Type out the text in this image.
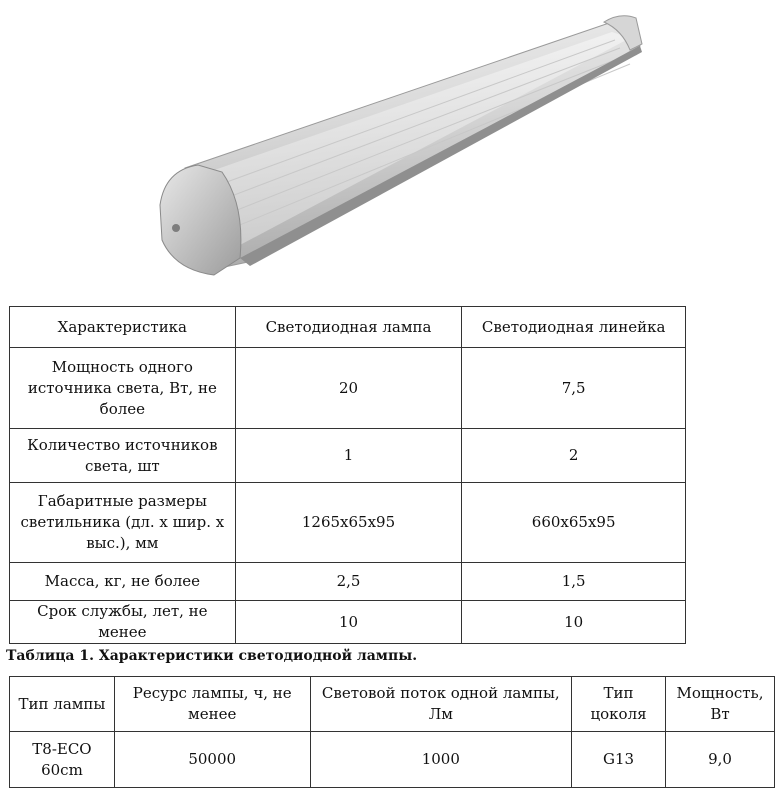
Характеристика	Светодиодная лампа	Светодиодная линейка
Мощность одного источника света, Вт, не более	20	7,5
Количество источников света, шт	1	2
Габаритные размеры светильника (дл. х шир. х выс.), мм	1265х65х95	660х65х95
Масса, кг, не более	2,5	1,5
Срок службы, лет, не менее	10	10
Таблица 1. Характеристики светодиодной лампы.
Тип лампы	Ресурс лампы, ч, не менее	Световой поток одной лампы, Лм	Тип цоколя	Мощность, Вт
T8-ECO 60cm	50000	1000	G13	9,0
